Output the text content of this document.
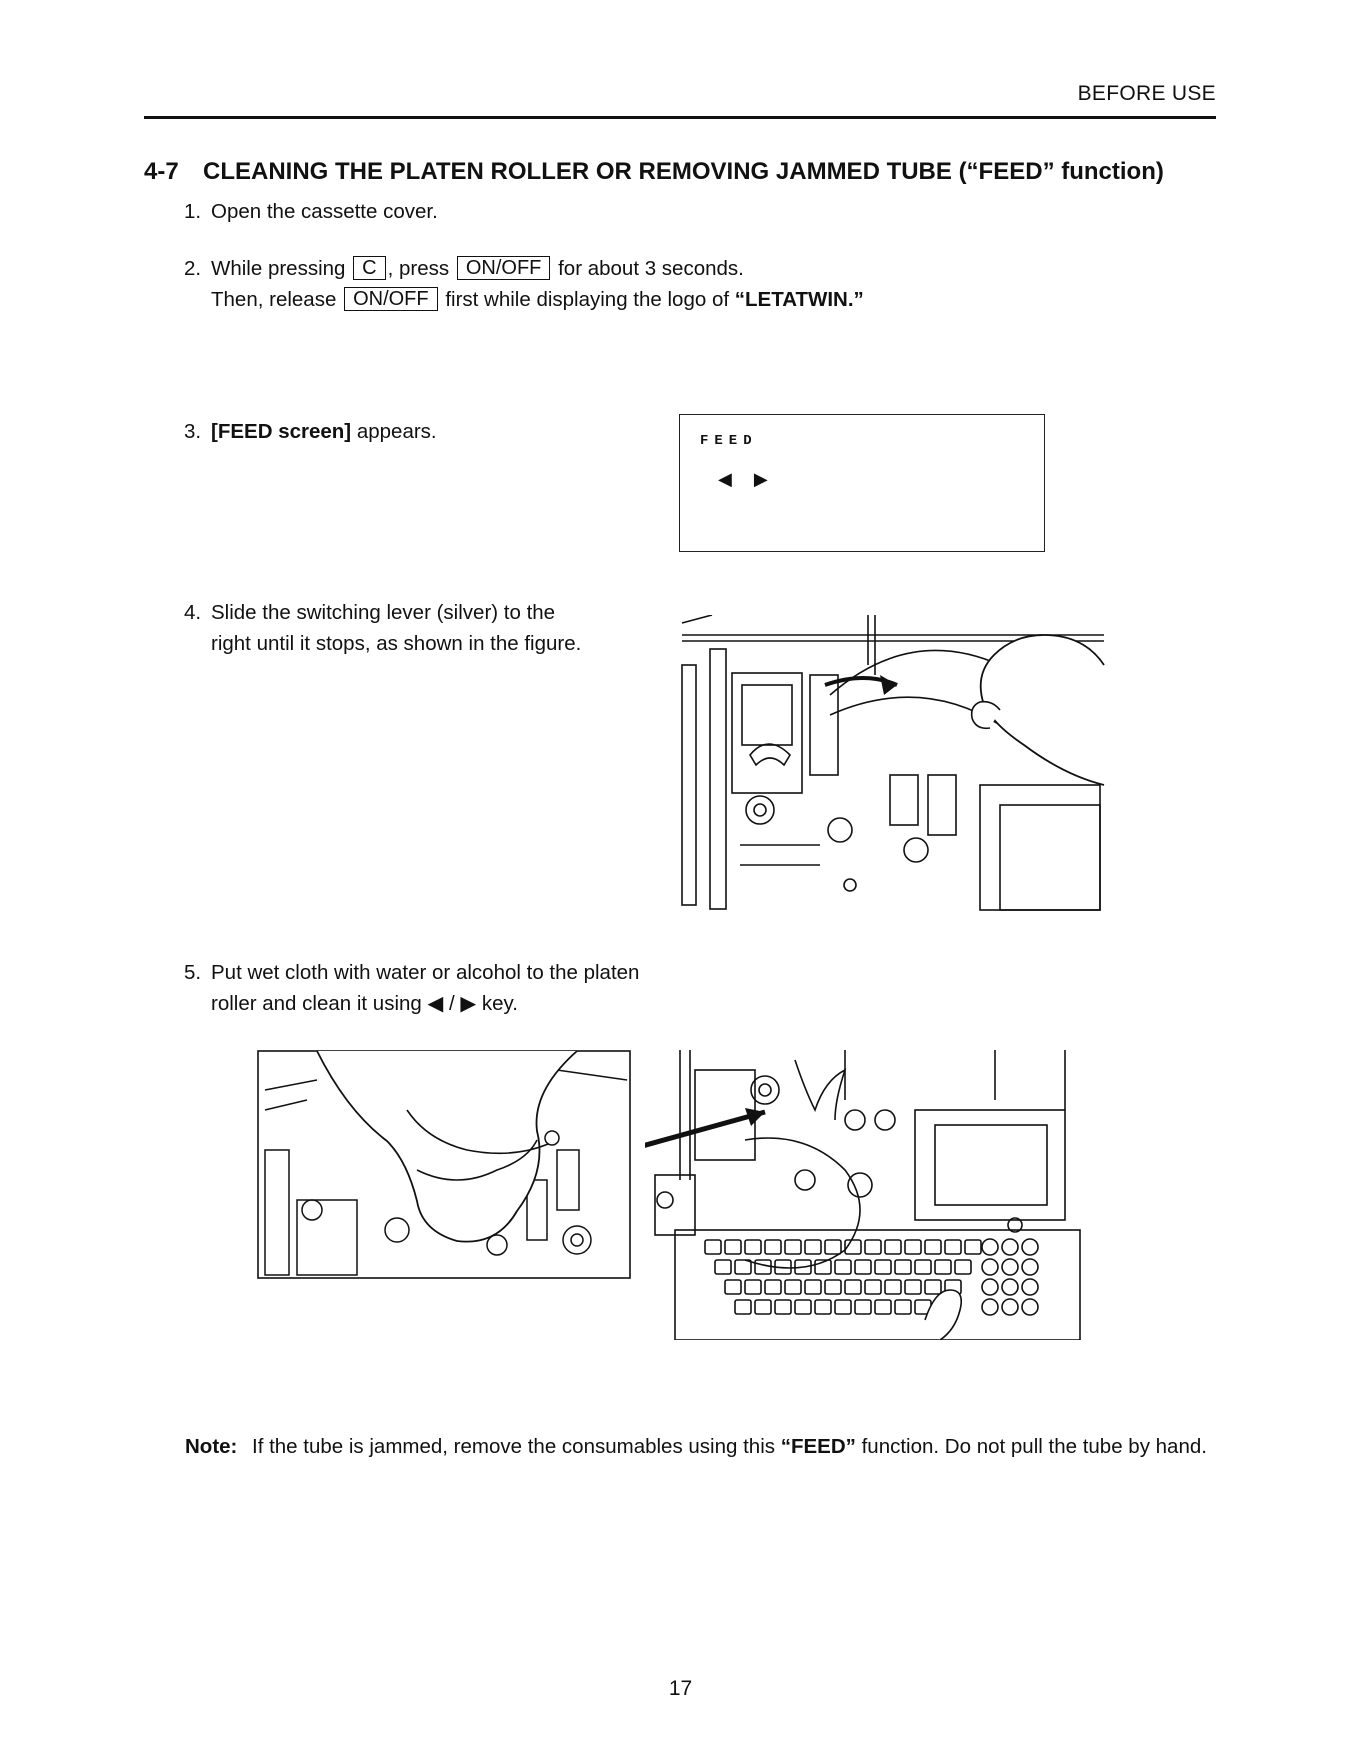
BEFORE USE
4-7 CLEANING THE PLATEN ROLLER OR REMOVING JAMMED TUBE (“FEED” function)
1. Open the cassette cover.
2. While pressing C , press ON/OFF for about 3 seconds.
Then, release ON/OFF first while displaying the logo of “LETATWIN.”
3. [FEED screen] appears.	FEED
◀▶
4. Slide the switching lever (silver) to the
right until it stops, as shown in the figure.
5. Put wet cloth with water or alcohol to the platen
roller and clean it using ◀ / ▶ key.
Note: If the tube is jammed, remove the consumables using this “FEED” function. Do not pull the tube by hand.
17
